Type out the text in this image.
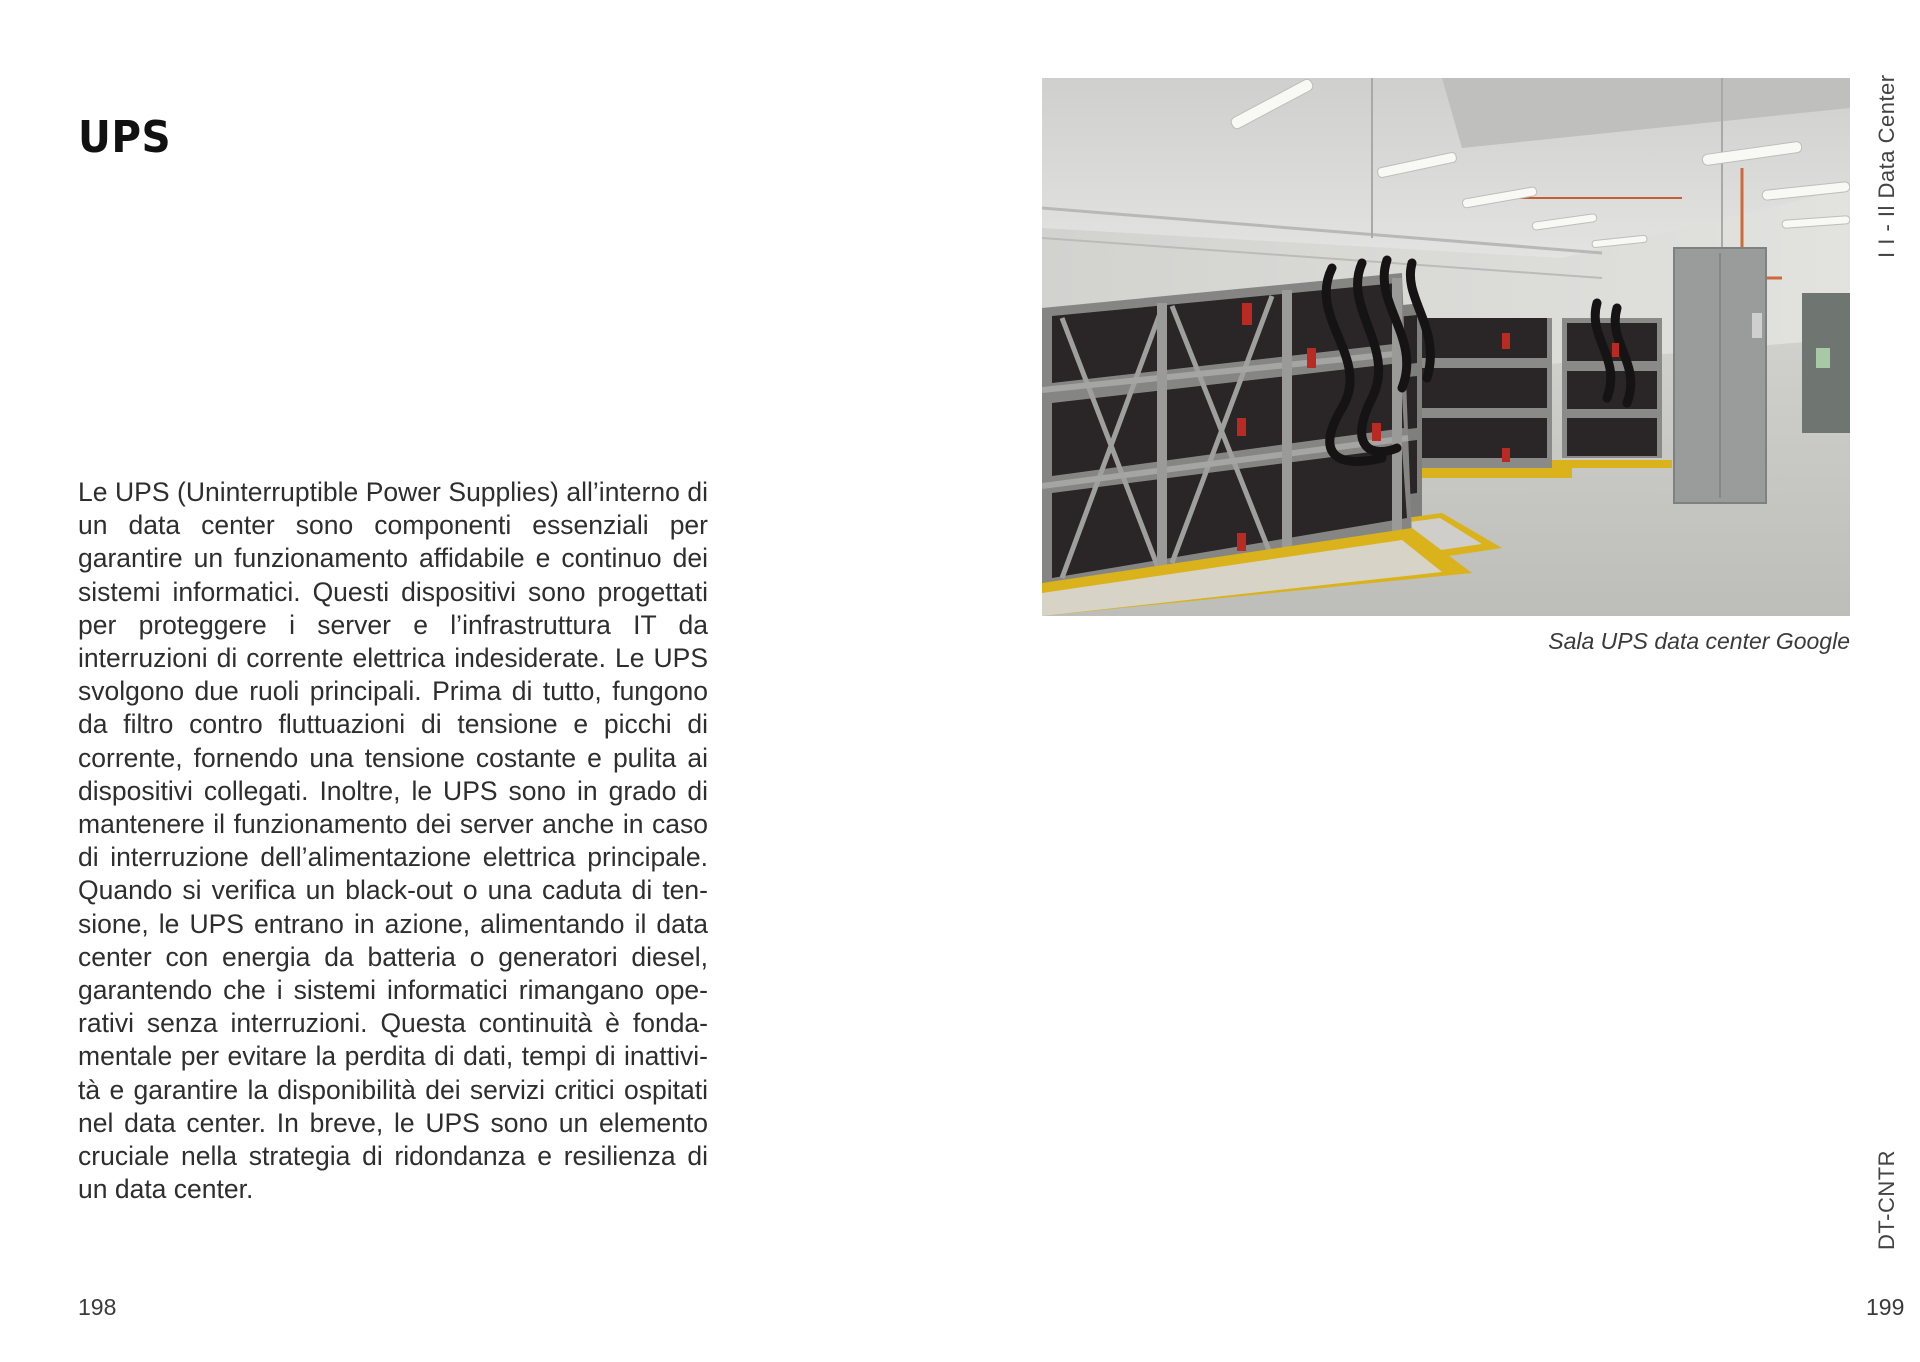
UPS

Le UPS (Uninterruptible Power Supplies) all’interno di un data center sono componenti essenziali per garantire un funzionamento affidabile e continuo dei sistemi informatici. Questi dispositivi sono progettati per proteggere i server e l’infrastruttura IT da interruzioni di corrente elettrica indesiderate. Le UPS svolgono due ruoli principali. Prima di tutto, fungono da filtro contro fluttuazioni di tensione e picchi di corrente, fornendo una tensione costante e pulita ai dispositivi collegati. Inoltre, le UPS sono in grado di mantenere il funzionamento dei server anche in caso di interruzione dell’alimentazione elettrica principale. Quando si verifica un black-out o una caduta di tensione, le UPS entrano in azione, alimentando il data center con energia da batteria o generatori diesel, garantendo che i sistemi informatici rimangano operativi senza interruzioni. Questa continuità è fondamentale per evitare la perdita di dati, tempi di inattività e garantire la disponibilità dei servizi critici ospitati nel data center. In breve, le UPS sono un elemento cruciale nella strategia di ridondanza e resilienza di un data center.

198
Sala UPS data center Google
I I - Il Data Center
DT-CNTR
199
